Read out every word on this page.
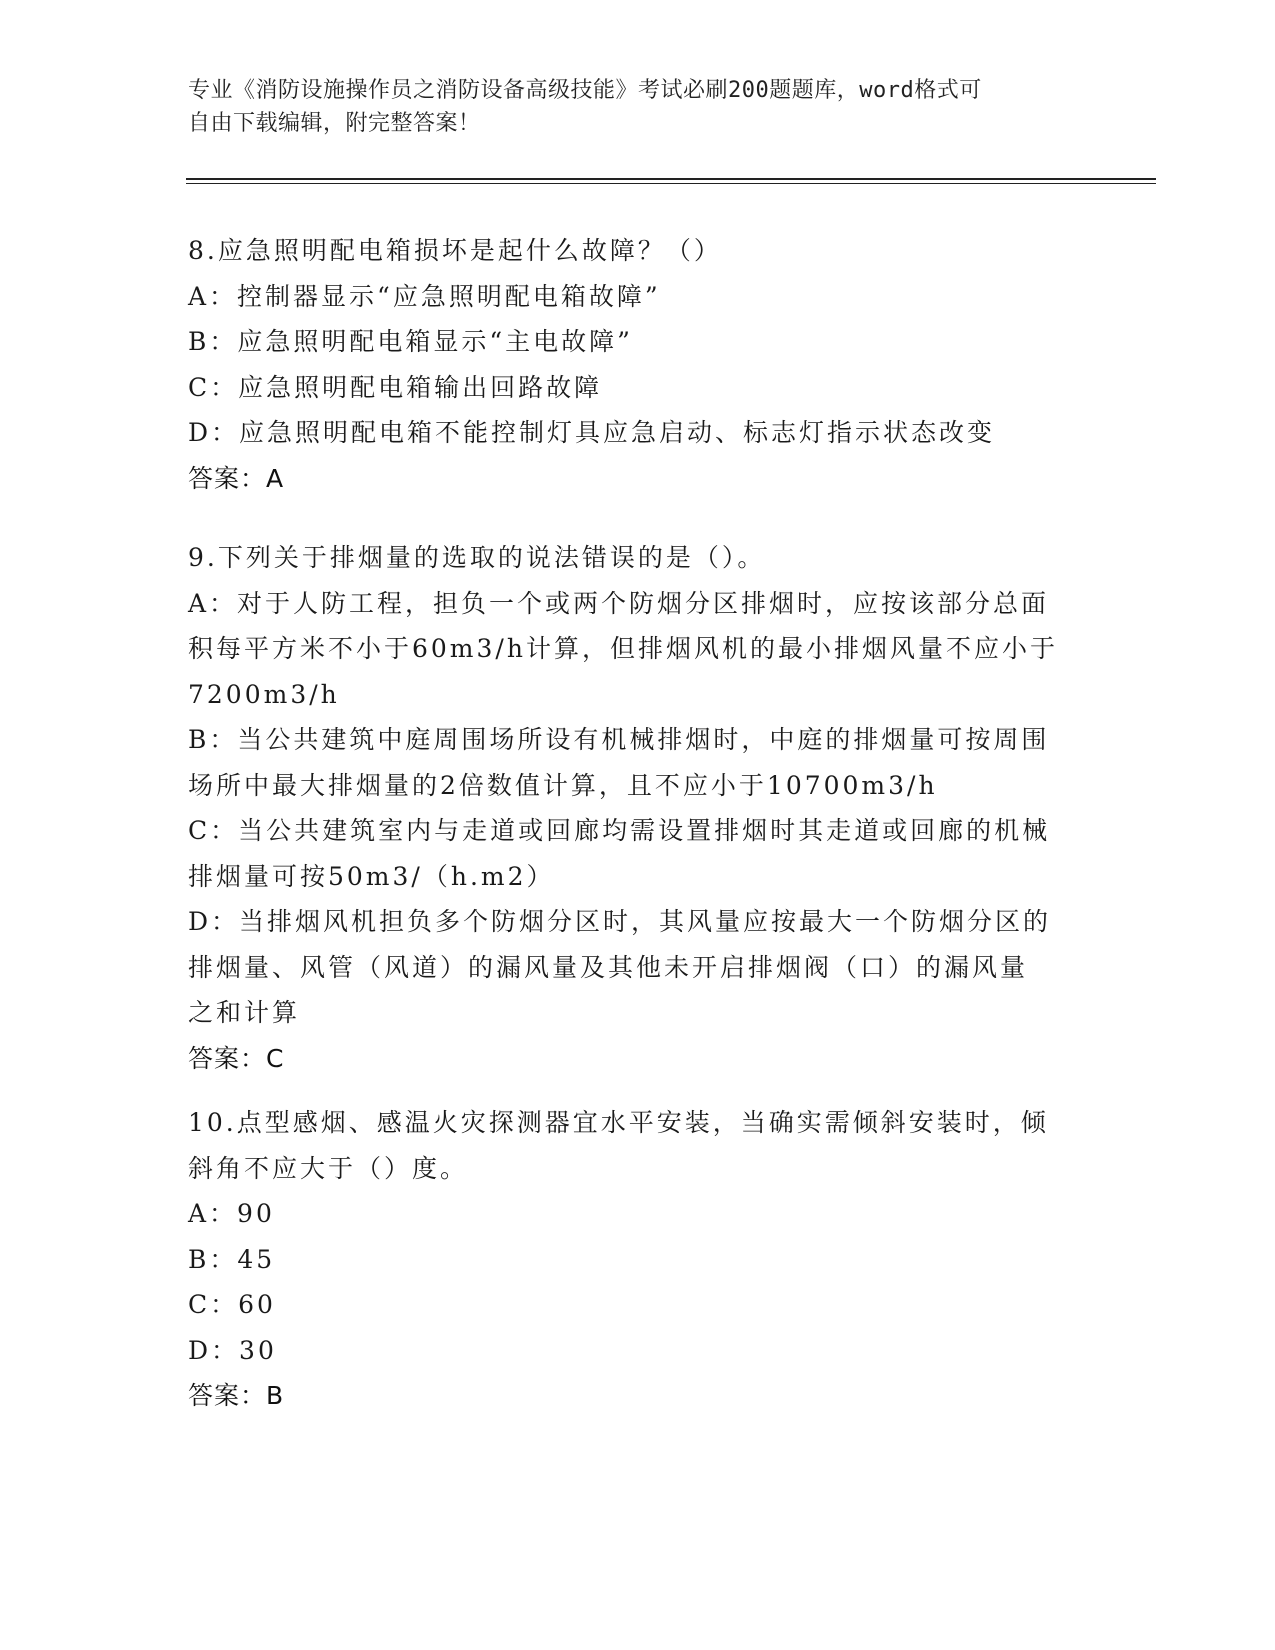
专业《消防设施操作员之消防设备高级技能》考试必刷200题题库，word格式可
自由下载编辑，附完整答案！
8.应急照明配电箱损坏是起什么故障？（）
A：控制器显示“应急照明配电箱故障”
B：应急照明配电箱显示“主电故障”
C：应急照明配电箱输出回路故障
D：应急照明配电箱不能控制灯具应急启动、标志灯指示状态改变
答案：A
9.下列关于排烟量的选取的说法错误的是（）。
A：对于人防工程，担负一个或两个防烟分区排烟时，应按该部分总面
积每平方米不小于60m3/h计算，但排烟风机的最小排烟风量不应小于
7200m3/h
B：当公共建筑中庭周围场所设有机械排烟时，中庭的排烟量可按周围
场所中最大排烟量的2倍数值计算，且不应小于10700m3/h
C：当公共建筑室内与走道或回廊均需设置排烟时其走道或回廊的机械
排烟量可按50m3/（h.m2）
D：当排烟风机担负多个防烟分区时，其风量应按最大一个防烟分区的
排烟量、风管（风道）的漏风量及其他未开启排烟阀（口）的漏风量
之和计算
答案：C
10.点型感烟、感温火灾探测器宜水平安装，当确实需倾斜安装时，倾
斜角不应大于（）度。
A：90
B：45
C：60
D：30
答案：B
